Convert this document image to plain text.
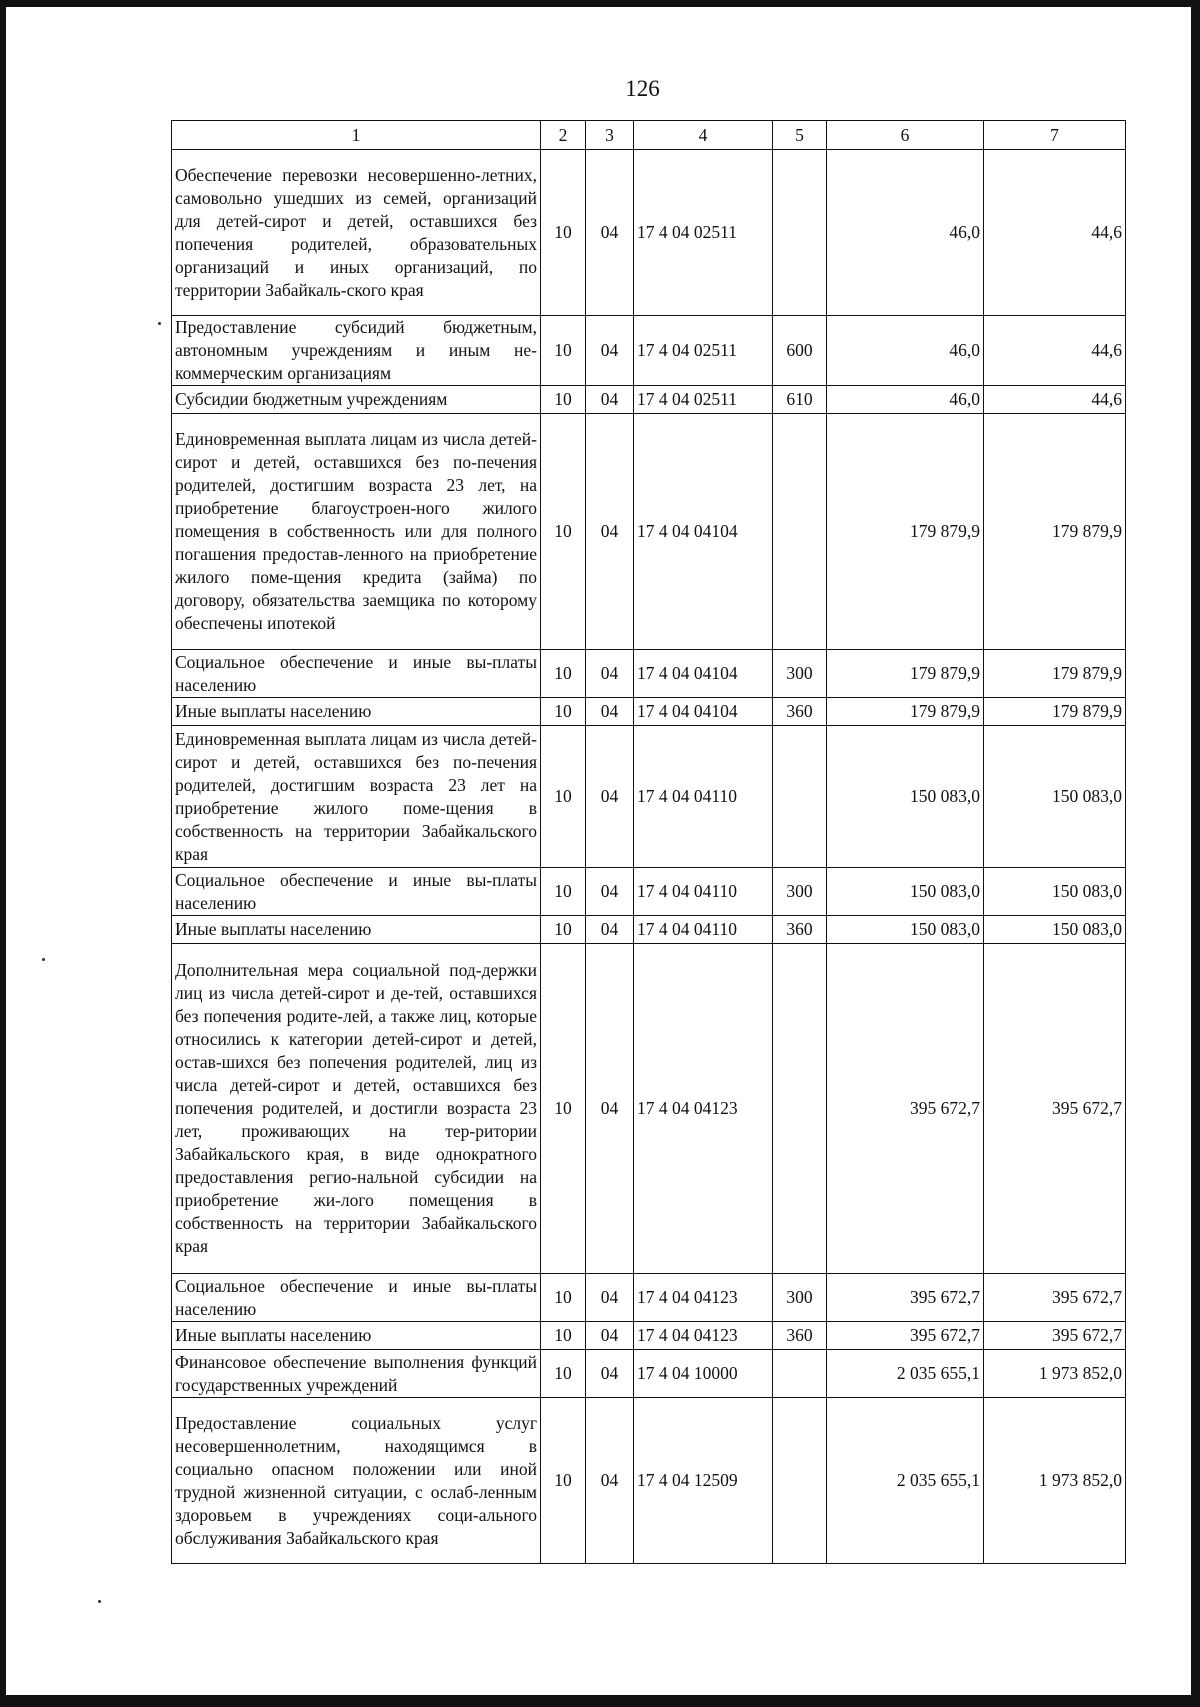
126
1	2	3	4	5	6	7
Обеспечение перевозки несовершенно-летних, самовольно ушедших из семей, организаций для детей-сирот и детей, оставшихся без попечения родителей, образовательных организаций и иных организаций, по территории Забайкаль-ского края	10	04	17 4 04 02511		46,0	44,6
Предоставление субсидий бюджетным, автономным учреждениям и иным не-коммерческим организациям	10	04	17 4 04 02511	600	46,0	44,6
Субсидии бюджетным учреждениям	10	04	17 4 04 02511	610	46,0	44,6
Единовременная выплата лицам из числа детей-сирот и детей, оставшихся без по-печения родителей, достигшим возраста 23 лет, на приобретение благоустроен-ного жилого помещения в собственность или для полного погашения предостав-ленного на приобретение жилого поме-щения кредита (займа) по договору, обязательства заемщика по которому обеспечены ипотекой	10	04	17 4 04 04104		179 879,9	179 879,9
Социальное обеспечение и иные вы-платы населению	10	04	17 4 04 04104	300	179 879,9	179 879,9
Иные выплаты населению	10	04	17 4 04 04104	360	179 879,9	179 879,9
Единовременная выплата лицам из числа детей-сирот и детей, оставшихся без по-печения родителей, достигшим возраста 23 лет на приобретение жилого поме-щения в собственность на территории Забайкальского края	10	04	17 4 04 04110		150 083,0	150 083,0
Социальное обеспечение и иные вы-платы населению	10	04	17 4 04 04110	300	150 083,0	150 083,0
Иные выплаты населению	10	04	17 4 04 04110	360	150 083,0	150 083,0
Дополнительная мера социальной под-держки лиц из числа детей-сирот и де-тей, оставшихся без попечения родите-лей, а также лиц, которые относились к категории детей-сирот и детей, остав-шихся без попечения родителей, лиц из числа детей-сирот и детей, оставшихся без попечения родителей, и достигли возраста 23 лет, проживающих на тер-ритории Забайкальского края, в виде однократного предоставления регио-нальной субсидии на приобретение жи-лого помещения в собственность на территории Забайкальского края	10	04	17 4 04 04123		395 672,7	395 672,7
Социальное обеспечение и иные вы-платы населению	10	04	17 4 04 04123	300	395 672,7	395 672,7
Иные выплаты населению	10	04	17 4 04 04123	360	395 672,7	395 672,7
Финансовое обеспечение выполнения функций государственных учреждений	10	04	17 4 04 10000		2 035 655,1	1 973 852,0
Предоставление социальных услуг несовершеннолетним, находящимся в социально опасном положении или иной трудной жизненной ситуации, с ослаб-ленным здоровьем в учреждениях соци-ального обслуживания Забайкальского края	10	04	17 4 04 12509		2 035 655,1	1 973 852,0
